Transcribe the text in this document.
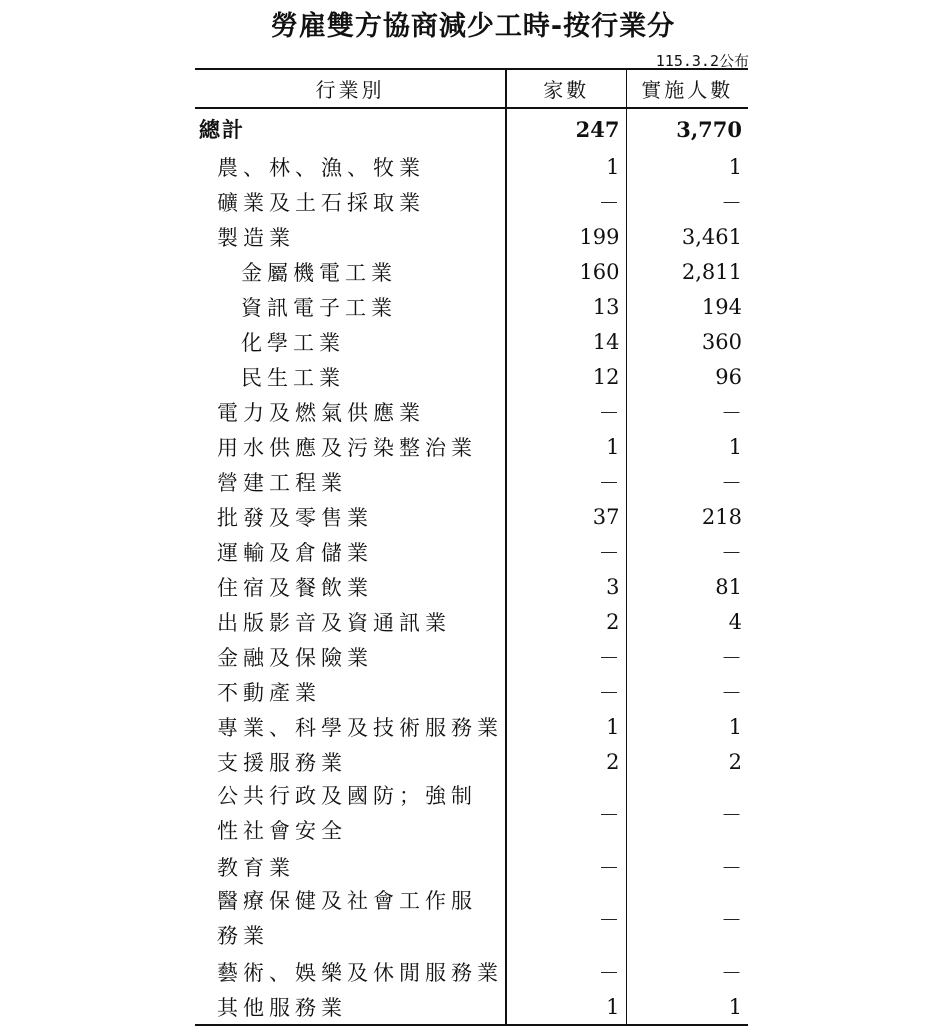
勞雇雙方協商減少工時-按行業分
115.3.2公布
行業別	家數	實施人數
總計	247	3,770
農、林、漁、牧業	1	1
礦業及土石採取業	－	－
製造業	199	3,461
金屬機電工業	160	2,811
資訊電子工業	13	194
化學工業	14	360
民生工業	12	96
電力及燃氣供應業	－	－
用水供應及污染整治業	1	1
營建工程業	－	－
批發及零售業	37	218
運輸及倉儲業	－	－
住宿及餐飲業	3	81
出版影音及資通訊業	2	4
金融及保險業	－	－
不動產業	－	－
專業、科學及技術服務業	1	1
支援服務業	2	2
公共行政及國防；強制性社會安全	－	－
教育業	－	－
醫療保健及社會工作服務業	－	－
藝術、娛樂及休閒服務業	－	－
其他服務業	1	1
